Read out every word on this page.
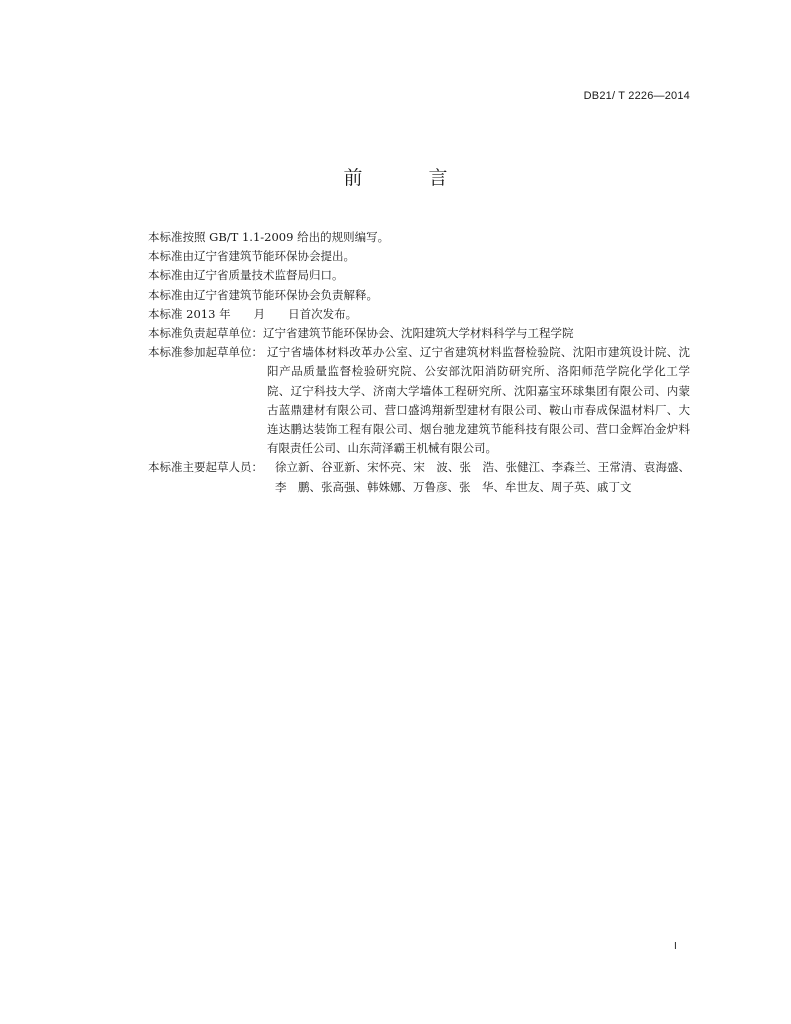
DB21/ T 2226—2014
前	言
本标准按照 GB/T 1.1-2009 给出的规则编写。
本标准由辽宁省建筑节能环保协会提出。
本标准由辽宁省质量技术监督局归口。
本标准由辽宁省建筑节能环保协会负责解释。
本标准 2013 年　　月　　日首次发布。
本标准负责起草单位： 辽宁省建筑节能环保协会、沈阳建筑大学材料科学与工程学院
本标准参加起草单位： 辽宁省墙体材料改革办公室、辽宁省建筑材料监督检验院、沈阳市建筑设计院、沈阳产品质量监督检验研究院、公安部沈阳消防研究所、洛阳师范学院化学化工学院、辽宁科技大学、济南大学墙体工程研究所、沈阳嘉宝环球集团有限公司、内蒙古蓝鼎建材有限公司、营口盛鸿翔新型建材有限公司、鞍山市春成保温材料厂、大连达鹏达装饰工程有限公司、烟台驰龙建筑节能科技有限公司、营口金辉冶金炉料有限责任公司、山东菏泽霸王机械有限公司。
本标准主要起草人员：	徐立新、谷亚新、宋怀亮、宋　波、张　浩、张健江、李森兰、王常清、袁海盛、李　鹏、张高强、韩姝娜、万鲁彦、张　华、牟世友、周子英、戚丁文
I
